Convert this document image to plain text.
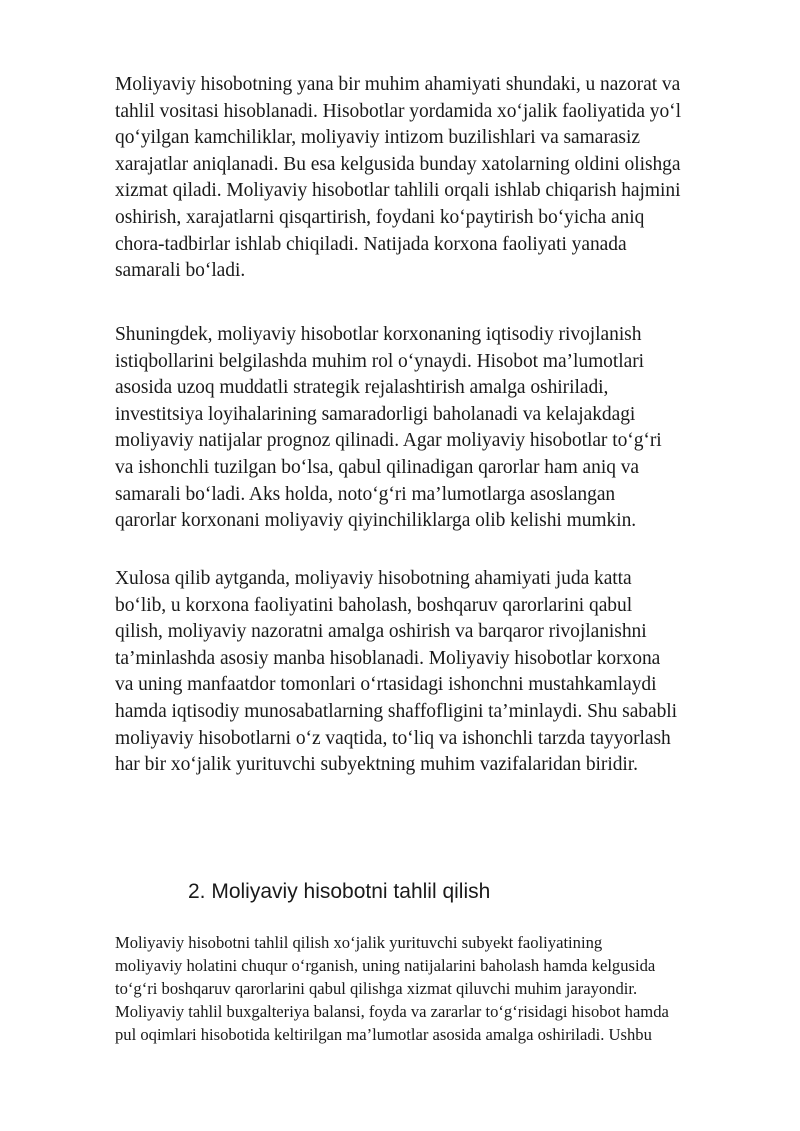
Moliyaviy hisobotning yana bir muhim ahamiyati shundaki, u nazorat va
tahlil vositasi hisoblanadi. Hisobotlar yordamida xo‘jalik faoliyatida yo‘l
qo‘yilgan kamchiliklar, moliyaviy intizom buzilishlari va samarasiz
xarajatlar aniqlanadi. Bu esa kelgusida bunday xatolarning oldini olishga
xizmat qiladi. Moliyaviy hisobotlar tahlili orqali ishlab chiqarish hajmini
oshirish, xarajatlarni qisqartirish, foydani ko‘paytirish bo‘yicha aniq
chora-tadbirlar ishlab chiqiladi. Natijada korxona faoliyati yanada
samarali bo‘ladi.

Shuningdek, moliyaviy hisobotlar korxonaning iqtisodiy rivojlanish
istiqbollarini belgilashda muhim rol o‘ynaydi. Hisobot ma’lumotlari
asosida uzoq muddatli strategik rejalashtirish amalga oshiriladi,
investitsiya loyihalarining samaradorligi baholanadi va kelajakdagi
moliyaviy natijalar prognoz qilinadi. Agar moliyaviy hisobotlar to‘g‘ri
va ishonchli tuzilgan bo‘lsa, qabul qilinadigan qarorlar ham aniq va
samarali bo‘ladi. Aks holda, noto‘g‘ri ma’lumotlarga asoslangan
qarorlar korxonani moliyaviy qiyinchiliklarga olib kelishi mumkin.

Xulosa qilib aytganda, moliyaviy hisobotning ahamiyati juda katta
bo‘lib, u korxona faoliyatini baholash, boshqaruv qarorlarini qabul
qilish, moliyaviy nazoratni amalga oshirish va barqaror rivojlanishni
ta’minlashda asosiy manba hisoblanadi. Moliyaviy hisobotlar korxona
va uning manfaatdor tomonlari o‘rtasidagi ishonchni mustahkamlaydi
hamda iqtisodiy munosabatlarning shaffofligini ta’minlaydi. Shu sababli
moliyaviy hisobotlarni o‘z vaqtida, to‘liq va ishonchli tarzda tayyorlash
har bir xo‘jalik yurituvchi subyektning muhim vazifalaridan biridir.

2. Moliyaviy hisobotni tahlil qilish

Moliyaviy hisobotni tahlil qilish xo‘jalik yurituvchi subyekt faoliyatining
moliyaviy holatini chuqur o‘rganish, uning natijalarini baholash hamda kelgusida
to‘g‘ri boshqaruv qarorlarini qabul qilishga xizmat qiluvchi muhim jarayondir.
Moliyaviy tahlil buxgalteriya balansi, foyda va zararlar to‘g‘risidagi hisobot hamda
pul oqimlari hisobotida keltirilgan ma’lumotlar asosida amalga oshiriladi. Ushbu
